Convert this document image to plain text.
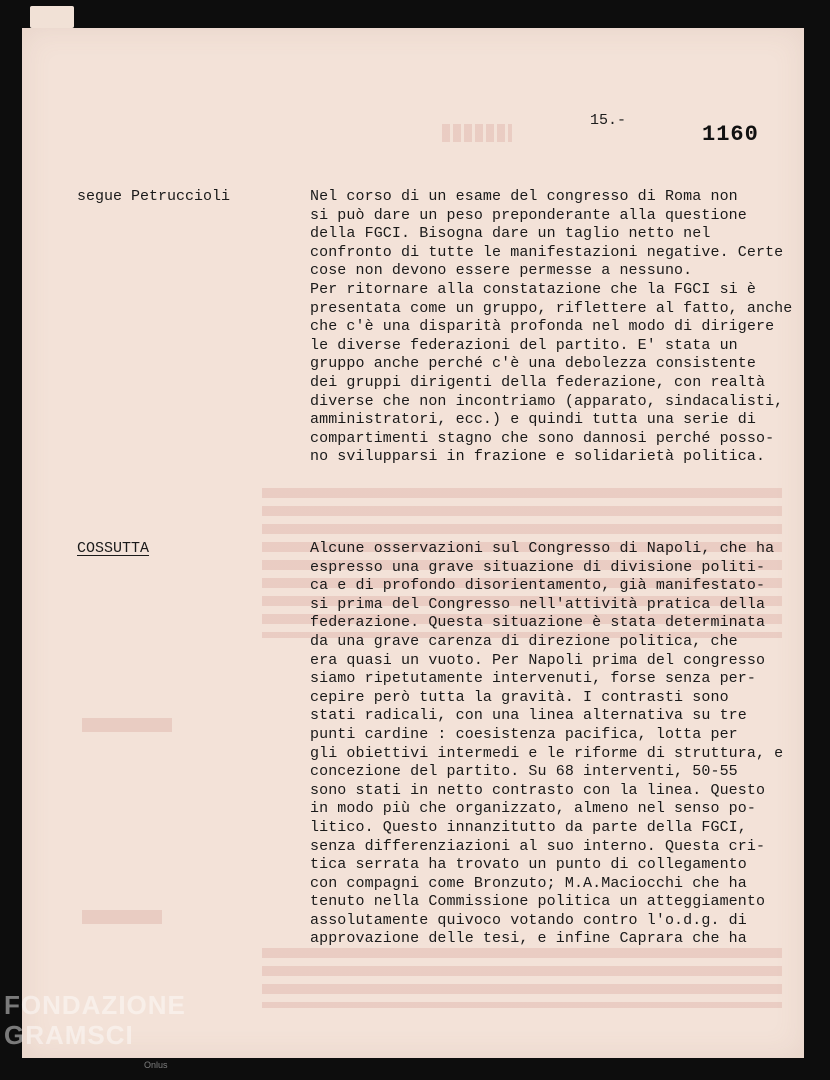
15.-
1160
segue Petruccioli	Nel corso di un esame del congresso di Roma non
si può dare un peso preponderante alla questione
della FGCI. Bisogna dare un taglio netto nel
confronto di tutte le manifestazioni negative. Certe
cose non devono essere permesse a nessuno.
Per ritornare alla constatazione che la FGCI si è
presentata come un gruppo, riflettere al fatto, anche
che c'è una disparità profonda nel modo di dirigere
le diverse federazioni del partito. E' stata un
gruppo anche perché c'è una debolezza consistente
dei gruppi dirigenti della federazione, con realtà
diverse che non incontriamo (apparato, sindacalisti,
amministratori, ecc.) e quindi tutta una serie di
compartimenti stagno che sono dannosi perché posso-
no svilupparsi in frazione e solidarietà politica.
COSSUTTA	Alcune osservazioni sul Congresso di Napoli, che ha
espresso una grave situazione di divisione politi-
ca e di profondo disorientamento, già manifestato-
si prima del Congresso nell'attività pratica della
federazione. Questa situazione è stata determinata
da una grave carenza di direzione politica, che
era quasi un vuoto. Per Napoli prima del congresso
siamo ripetutamente intervenuti, forse senza per-
cepire però tutta la gravità. I contrasti sono
stati radicali, con una linea alternativa su tre
punti cardine : coesistenza pacifica, lotta per
gli obiettivi intermedi e le riforme di struttura, e
concezione del partito. Su 68 interventi, 50-55
sono stati in netto contrasto con la linea. Questo
in modo più che organizzato, almeno nel senso po-
litico. Questo innanzitutto da parte della FGCI,
senza differenziazioni al suo interno. Questa cri-
tica serrata ha trovato un punto di collegamento
con compagni come Bronzuto; M.A.Maciocchi che ha
tenuto nella Commissione politica un atteggiamento
assolutamente quivoco votando contro l'o.d.g. di
approvazione delle tesi, e infine Caprara che ha
FONDAZIONE
GRAMSCI
Onlus
